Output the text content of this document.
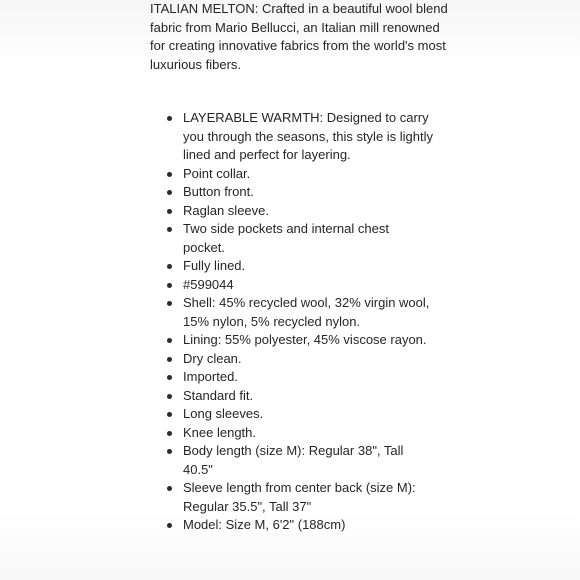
ITALIAN MELTON: Crafted in a beautiful wool blend fabric from Mario Bellucci, an Italian mill renowned for creating innovative fabrics from the world's most luxurious fibers.

LAYERABLE WARMTH: Designed to carry you through the seasons, this style is lightly lined and perfect for layering.
Point collar.
Button front.
Raglan sleeve.
Two side pockets and internal chest pocket.
Fully lined.
#599044
Shell: 45% recycled wool, 32% virgin wool, 15% nylon, 5% recycled nylon.
Lining: 55% polyester, 45% viscose rayon.
Dry clean.
Imported.
Standard fit.
Long sleeves.
Knee length.
Body length (size M): Regular 38", Tall 40.5"
Sleeve length from center back (size M): Regular 35.5", Tall 37"
Model: Size M, 6'2" (188cm)
